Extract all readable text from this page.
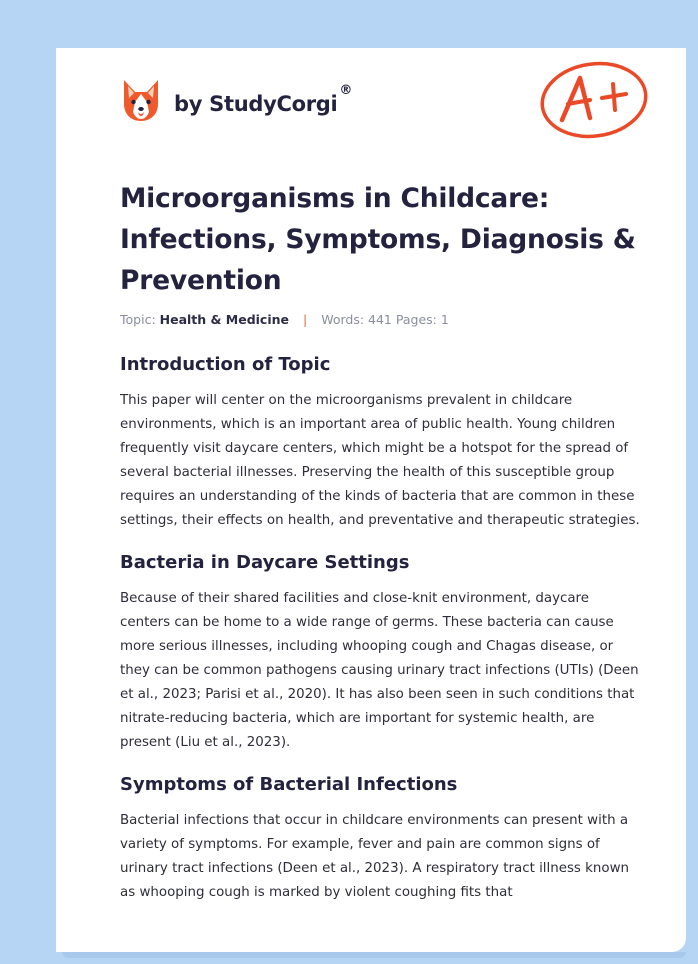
by StudyCorgi
®
Microorganisms in Childcare: Infections, Symptoms, Diagnosis & Prevention
Topic: Health & Medicine | Words: 441 Pages: 1
Introduction of Topic

This paper will center on the microorganisms prevalent in childcare environments, which is an important area of public health. Young children frequently visit daycare centers, which might be a hotspot for the spread of several bacterial illnesses. Preserving the health of this susceptible group requires an understanding of the kinds of bacteria that are common in these settings, their effects on health, and preventative and therapeutic strategies.

Bacteria in Daycare Settings

Because of their shared facilities and close-knit environment, daycare centers can be home to a wide range of germs. These bacteria can cause more serious illnesses, including whooping cough and Chagas disease, or they can be common pathogens causing urinary tract infections (UTIs) (Deen et al., 2023; Parisi et al., 2020). It has also been seen in such conditions that nitrate-reducing bacteria, which are important for systemic health, are present (Liu et al., 2023).

Symptoms of Bacterial Infections

Bacterial infections that occur in childcare environments can present with a variety of symptoms. For example, fever and pain are common signs of urinary tract infections (Deen et al., 2023). A respiratory tract illness known as whooping cough is marked by violent coughing fits that
